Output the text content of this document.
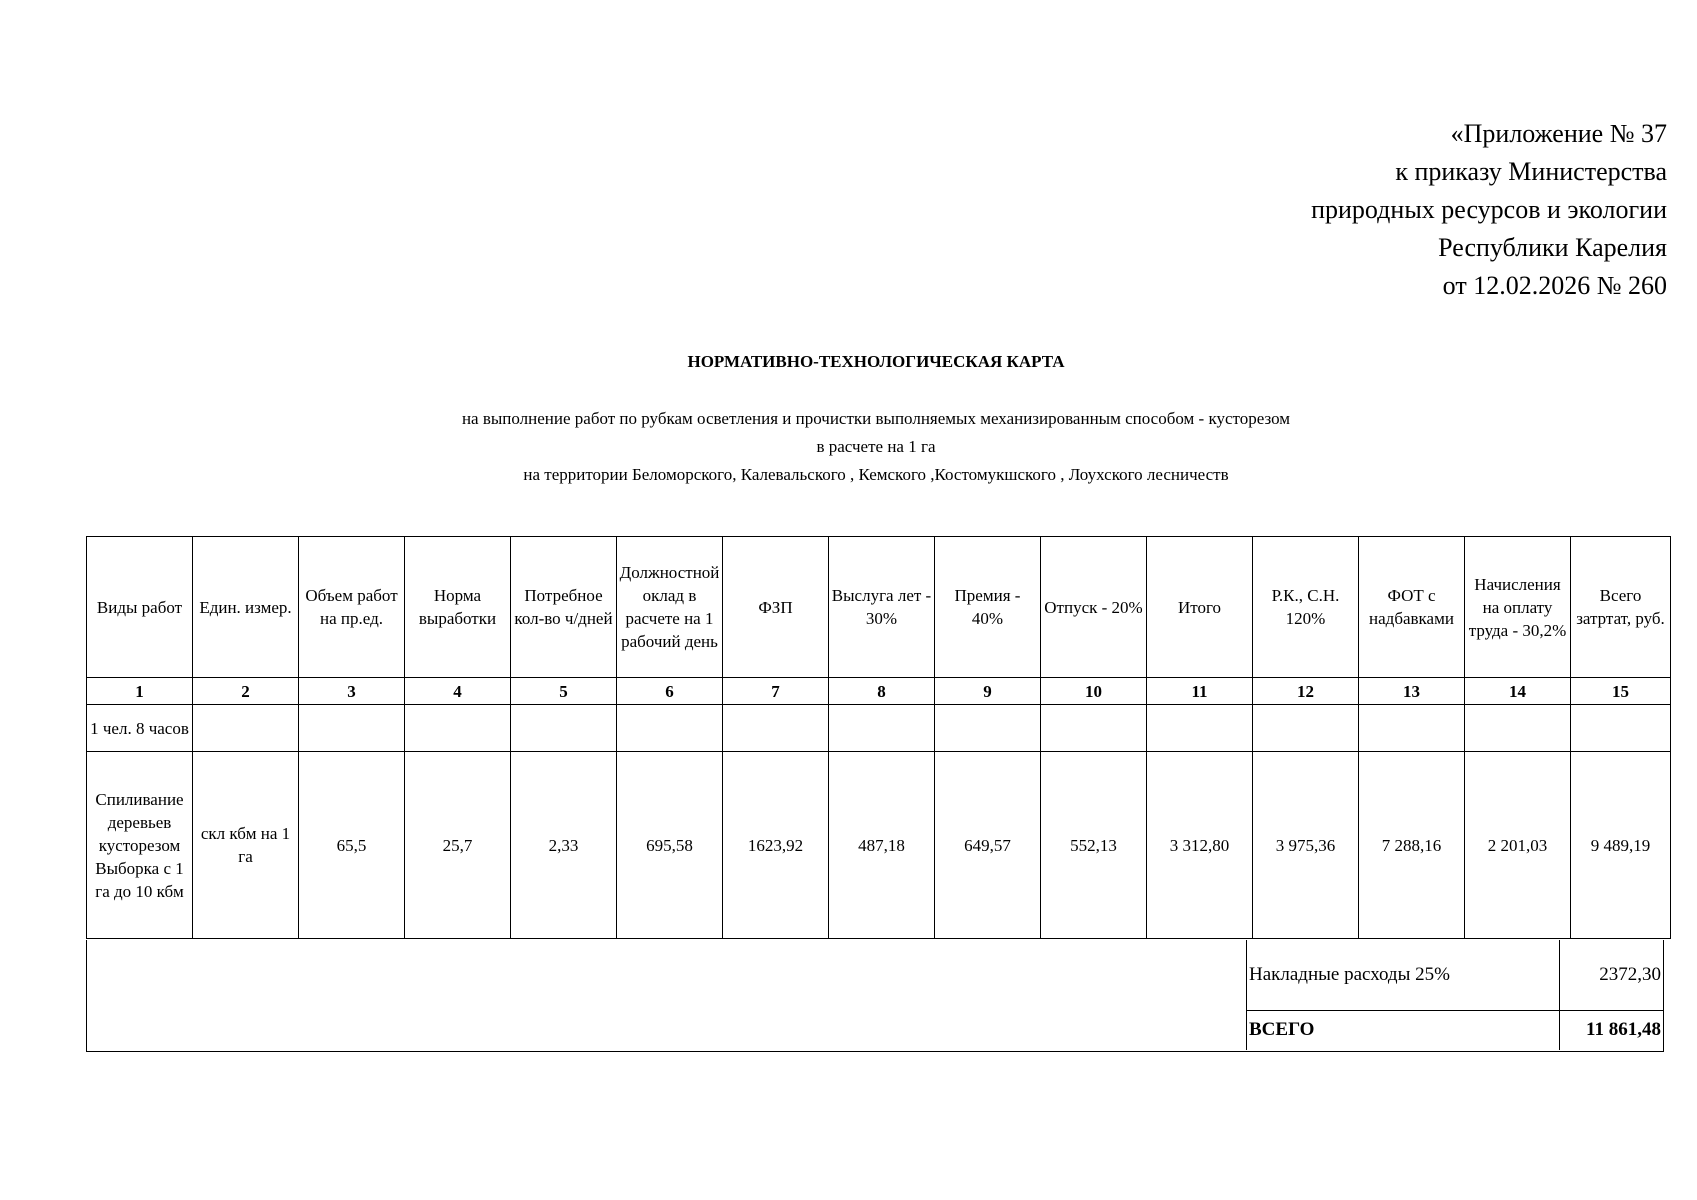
«Приложение № 37
к приказу Министерства
природных ресурсов и экологии
Республики Карелия
от 12.02.2026 № 260
НОРМАТИВНО-ТЕХНОЛОГИЧЕСКАЯ КАРТА
на выполнение работ по рубкам осветления и прочистки выполняемых механизированным способом - кусторезом
в расчете на 1 га
на территории Беломорского, Калевальского , Кемского ,Костомукшского , Лоухского лесничеств
Виды работ	Един. измер.	Объем работ на пр.ед.	Норма выработки	Потребное кол-во ч/дней	Должностной оклад в расчете на 1 рабочий день	ФЗП	Выслуга лет - 30%	Премия - 40%	Отпуск - 20%	Итого	Р.К., С.Н. 120%	ФОТ с надбавками	Начисления на оплату труда - 30,2%	Всего затртат, руб.
1	2	3	4	5	6	7	8	9	10	11	12	13	14	15
1 чел. 8 часов														
Спиливание деревьев кусторезом Выборка с 1 га до 10 кбм	скл кбм на 1 га	65,5	25,7	2,33	695,58	1623,92	487,18	649,57	552,13	3 312,80	3 975,36	7 288,16	2 201,03	9 489,19
Накладные расходы 25%	2372,30
ВСЕГО	11 861,48
